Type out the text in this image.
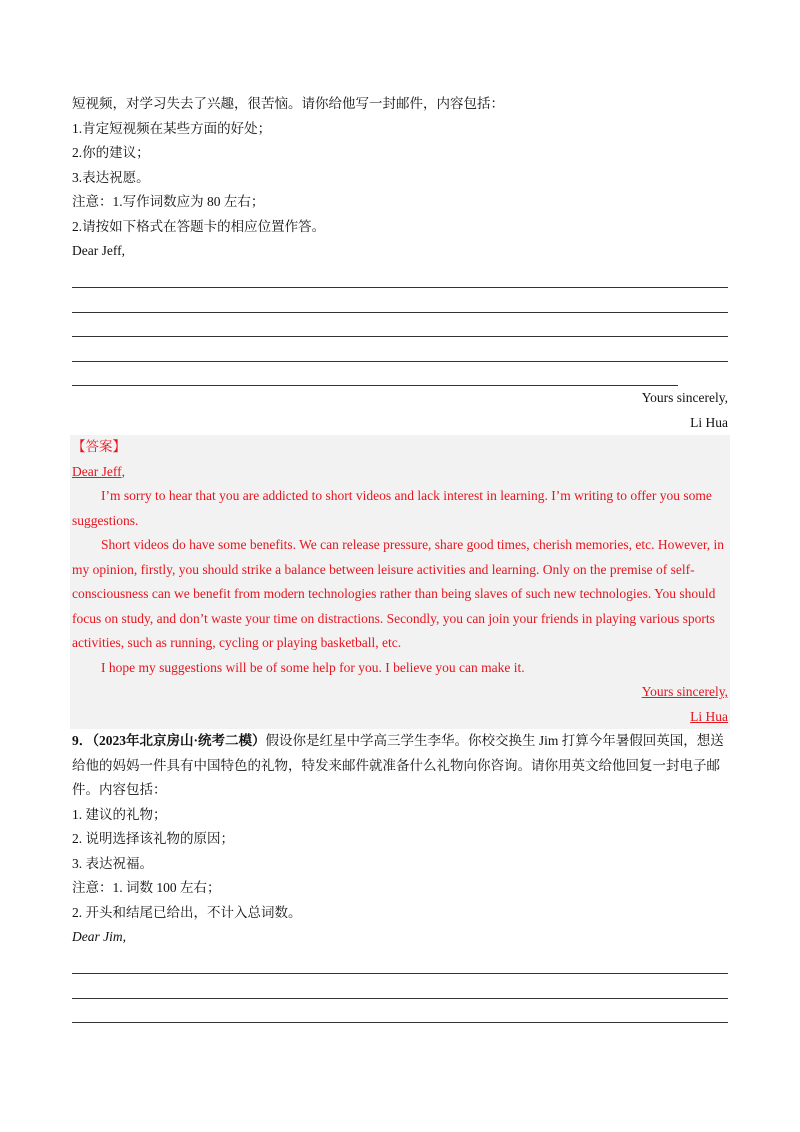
短视频，对学习失去了兴趣，很苦恼。请你给他写一封邮件，内容包括：
1.肯定短视频在某些方面的好处；
2.你的建议；
3.表达祝愿。
注意：1.写作词数应为 80 左右；
2.请按如下格式在答题卡的相应位置作答。
Dear Jeff,
Yours sincerely,
Li Hua
【答案】
Dear Jeff,
I’m sorry to hear that you are addicted to short videos and lack interest in learning. I’m writing to offer you some suggestions.
Short videos do have some benefits. We can release pressure, share good times, cherish memories, etc. However, in my opinion, firstly, you should strike a balance between leisure activities and learning. Only on the premise of self-consciousness can we benefit from modern technologies rather than being slaves of such new technologies. You should focus on study, and don’t waste your time on distractions. Secondly, you can join your friends in playing various sports activities, such as running, cycling or playing basketball, etc.
I hope my suggestions will be of some help for you. I believe you can make it.
Yours sincerely,
Li Hua
9．（2023年北京房山·统考二模）假设你是红星中学高三学生李华。你校交换生 Jim 打算今年暑假回英国，想送给他的妈妈一件具有中国特色的礼物，特发来邮件就准备什么礼物向你咨询。请你用英文给他回复一封电子邮件。内容包括：
1. 建议的礼物；
2. 说明选择该礼物的原因；
3. 表达祝福。
注意：1. 词数 100 左右；
2. 开头和结尾已给出，不计入总词数。
Dear Jim,
